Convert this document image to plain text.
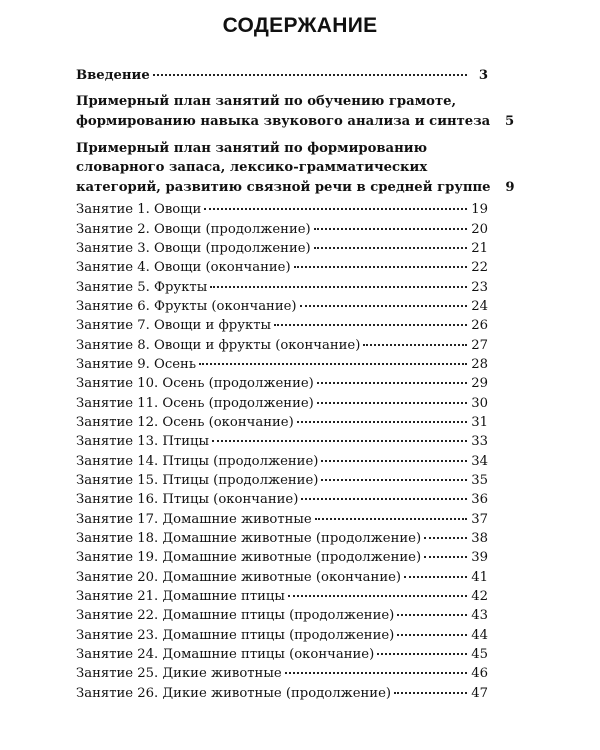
СОДЕРЖАНИЕ
Введение	3
Примерный план занятий по обучению грамоте,
формированию навыка звукового анализа и синтеза	5
Примерный план занятий по формированию
словарного запаса, лексико-грамматических
категорий, развитию связной речи в средней группе	9
Занятие 1. Овощи	19
Занятие 2. Овощи (продолжение)	20
Занятие 3. Овощи (продолжение)	21
Занятие 4. Овощи (окончание)	22
Занятие 5. Фрукты	23
Занятие 6. Фрукты (окончание)	24
Занятие 7. Овощи и фрукты	26
Занятие 8. Овощи и фрукты (окончание)	27
Занятие 9. Осень	28
Занятие 10. Осень (продолжение)	29
Занятие 11. Осень (продолжение)	30
Занятие 12. Осень (окончание)	31
Занятие 13. Птицы	33
Занятие 14. Птицы (продолжение)	34
Занятие 15. Птицы (продолжение)	35
Занятие 16. Птицы (окончание)	36
Занятие 17. Домашние животные	37
Занятие 18. Домашние животные (продолжение)	38
Занятие 19. Домашние животные (продолжение)	39
Занятие 20. Домашние животные (окончание)	41
Занятие 21. Домашние птицы	42
Занятие 22. Домашние птицы (продолжение)	43
Занятие 23. Домашние птицы (продолжение)	44
Занятие 24. Домашние птицы (окончание)	45
Занятие 25. Дикие животные	46
Занятие 26. Дикие животные (продолжение)	47
